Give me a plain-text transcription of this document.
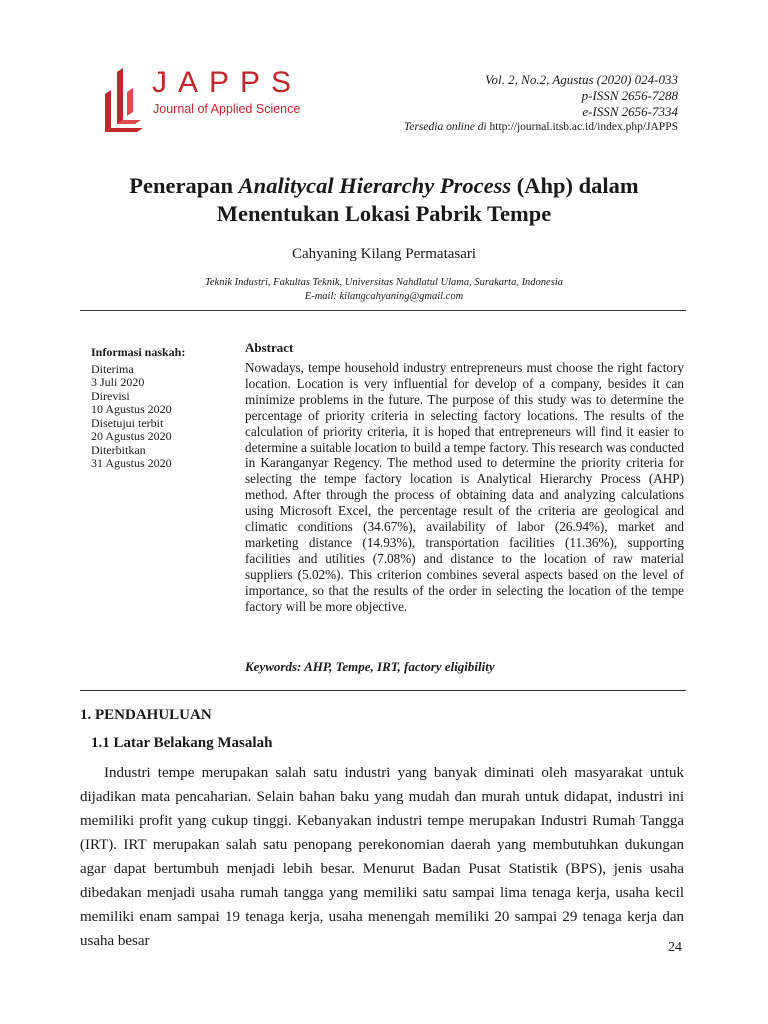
JAPPS
Journal of Applied Science
Vol. 2, No.2, Agustus (2020) 024-033
p-ISSN 2656-7288
e-ISSN 2656-7334
Tersedia online di http://journal.itsb.ac.id/index.php/JAPPS
Penerapan Analitycal Hierarchy Process (Ahp) dalam
Menentukan Lokasi Pabrik Tempe
Cahyaning Kilang Permatasari
Teknik Industri, Fakultas Teknik, Universitas Nahdlatul Ulama, Surakarta, Indonesia
E-mail: kilangcahyaning@gmail.com
Informasi naskah:
Diterima
3 Juli 2020
Direvisi
10 Agustus 2020
Disetujui terbit
20 Agustus 2020
Diterbitkan
31 Agustus 2020
Abstract
Nowadays, tempe household industry entrepreneurs must choose the right factory location. Location is very influential for develop of a company, besides it can minimize problems in the future. The purpose of this study was to determine the percentage of priority criteria in selecting factory locations. The results of the calculation of priority criteria, it is hoped that entrepreneurs will find it easier to determine a suitable location to build a tempe factory. This research was conducted in Karanganyar Regency. The method used to determine the priority criteria for selecting the tempe factory location is Analytical Hierarchy Process (AHP) method. After through the process of obtaining data and analyzing calculations using Microsoft Excel, the percentage result of the criteria are geological and climatic conditions (34.67%), availability of labor (26.94%), market and marketing distance (14.93%), transportation facilities (11.36%), supporting facilities and utilities (7.08%) and distance to the location of raw material suppliers (5.02%). This criterion combines several aspects based on the level of importance, so that the results of the order in selecting the location of the tempe factory will be more objective.
Keywords: AHP, Tempe, IRT, factory eligibility
1. PENDAHULUAN
1.1 Latar Belakang Masalah
Industri tempe merupakan salah satu industri yang banyak diminati oleh masyarakat untuk dijadikan mata pencaharian. Selain bahan baku yang mudah dan murah untuk didapat, industri ini memiliki profit yang cukup tinggi. Kebanyakan industri tempe merupakan Industri Rumah Tangga (IRT). IRT merupakan salah satu penopang perekonomian daerah yang membutuhkan dukungan agar dapat bertumbuh menjadi lebih besar. Menurut Badan Pusat Statistik (BPS), jenis usaha dibedakan menjadi usaha rumah tangga yang memiliki satu sampai lima tenaga kerja, usaha kecil memiliki enam sampai 19 tenaga kerja, usaha menengah memiliki 20 sampai 29 tenaga kerja dan usaha besar	24
